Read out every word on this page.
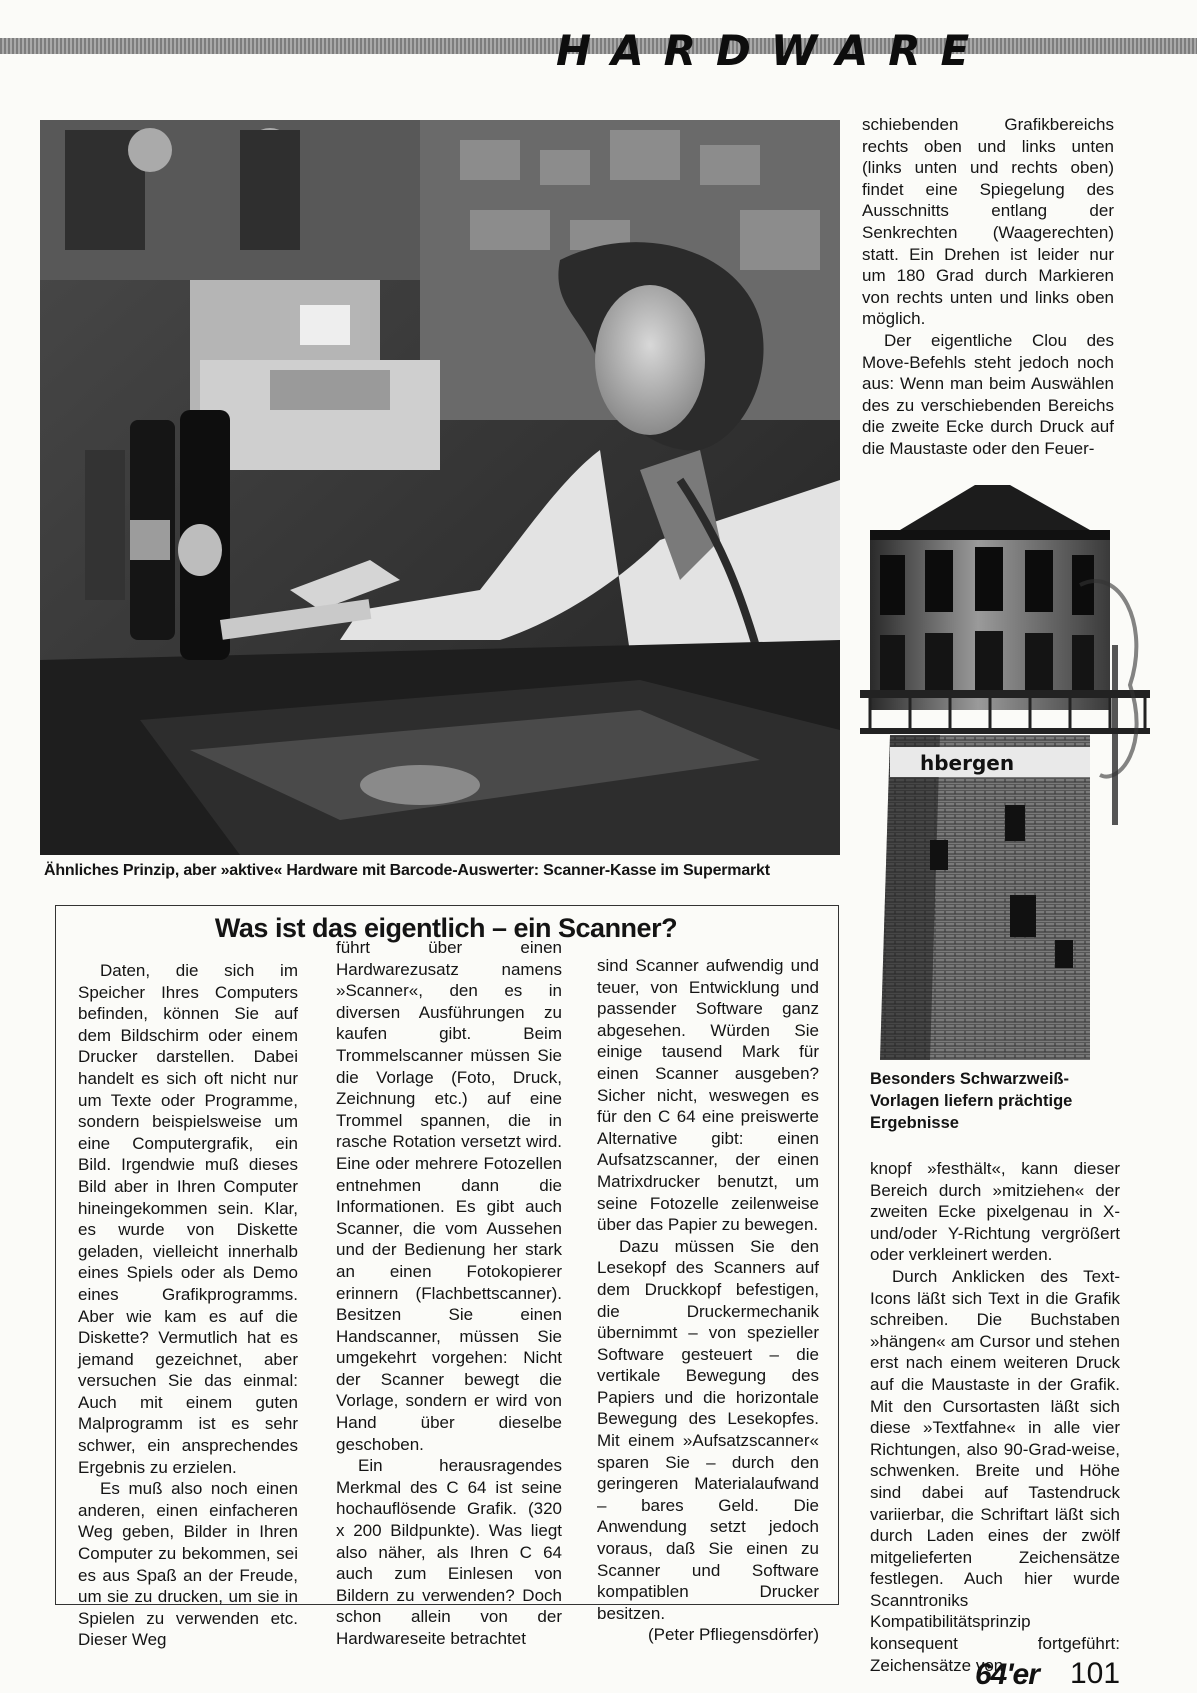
HARDWARE
Ähnliches Prinzip, aber »aktive« Hardware mit Barcode-Auswerter: Scanner-Kasse im Supermarkt

schiebenden Grafikbereichs rechts oben und links unten (links unten und rechts oben) findet eine Spiegelung des Ausschnitts entlang der Senkrechten (Waagerechten) statt. Ein Drehen ist leider nur um 180 Grad durch Markieren von rechts unten und links oben möglich.

Der eigentliche Clou des Move-Befehls steht jedoch noch aus: Wenn man beim Auswählen des zu verschiebenden Bereichs die zweite Ecke durch Druck auf die Maustaste oder den Feuer-

hbergen
Besonders Schwarzweiß-Vorlagen liefern prächtige Ergebnisse

knopf »festhält«, kann dieser Bereich durch »mitziehen« der zweiten Ecke pixelgenau in X- und/oder Y-Richtung vergrößert oder verkleinert werden.

Durch Anklicken des Text-Icons läßt sich Text in die Grafik schreiben. Die Buchstaben »hängen« am Cursor und stehen erst nach einem weiteren Druck auf die Maustaste in der Grafik. Mit den Cursortasten läßt sich diese »Textfahne« in alle vier Richtungen, also 90-Grad-weise, schwenken. Breite und Höhe sind dabei auf Tastendruck variierbar, die Schriftart läßt sich durch Laden eines der zwölf mitgelieferten Zeichensätze festlegen. Auch hier wurde Scanntroniks Kompatibilitätsprinzip konsequent fortgeführt: Zeichensätze von

Was ist das eigentlich – ein Scanner?

Daten, die sich im Speicher Ihres Computers befinden, können Sie auf dem Bildschirm oder einem Drucker darstellen. Dabei handelt es sich oft nicht nur um Texte oder Programme, sondern beispielsweise um eine Computergrafik, ein Bild. Irgendwie muß dieses Bild aber in Ihren Computer hineingekommen sein. Klar, es wurde von Diskette geladen, vielleicht innerhalb eines Spiels oder als Demo eines Grafikprogramms. Aber wie kam es auf die Diskette? Vermutlich hat es jemand gezeichnet, aber versuchen Sie das einmal: Auch mit einem guten Malprogramm ist es sehr schwer, ein ansprechendes Ergebnis zu erzielen.

Es muß also noch einen anderen, einen einfacheren Weg geben, Bilder in Ihren Computer zu bekommen, sei es aus Spaß an der Freude, um sie zu drucken, um sie in Spielen zu verwenden etc. Dieser Weg

führt über einen Hardwarezusatz namens »Scanner«, den es in diversen Ausführungen zu kaufen gibt. Beim Trommelscanner müssen Sie die Vorlage (Foto, Druck, Zeichnung etc.) auf eine Trommel spannen, die in rasche Rotation versetzt wird. Eine oder mehrere Fotozellen entnehmen dann die Informationen. Es gibt auch Scanner, die vom Aussehen und der Bedienung her stark an einen Fotokopierer erinnern (Flachbettscanner). Besitzen Sie einen Handscanner, müssen Sie umgekehrt vorgehen: Nicht der Scanner bewegt die Vorlage, sondern er wird von Hand über dieselbe geschoben.

Ein herausragendes Merkmal des C 64 ist seine hochauflösende Grafik. (320 x 200 Bildpunkte). Was liegt also näher, als Ihren C 64 auch zum Einlesen von Bildern zu verwenden? Doch schon allein von der Hardwareseite betrachtet

sind Scanner aufwendig und teuer, von Entwicklung und passender Software ganz abgesehen. Würden Sie einige tausend Mark für einen Scanner ausgeben? Sicher nicht, weswegen es für den C 64 eine preiswerte Alternative gibt: einen Aufsatzscanner, der einen Matrixdrucker benutzt, um seine Fotozelle zeilenweise über das Papier zu bewegen.

Dazu müssen Sie den Lesekopf des Scanners auf dem Druckkopf befestigen, die Druckermechanik übernimmt – von spezieller Software gesteuert – die vertikale Bewegung des Papiers und die horizontale Bewegung des Lesekopfes. Mit einem »Aufsatzscanner« sparen Sie – durch den geringeren Materialaufwand – bares Geld. Die Anwendung setzt jedoch voraus, daß Sie einen zu Scanner und Software kompatiblen Drucker besitzen.

(Peter Pfliegensdörfer)

64'er 101
